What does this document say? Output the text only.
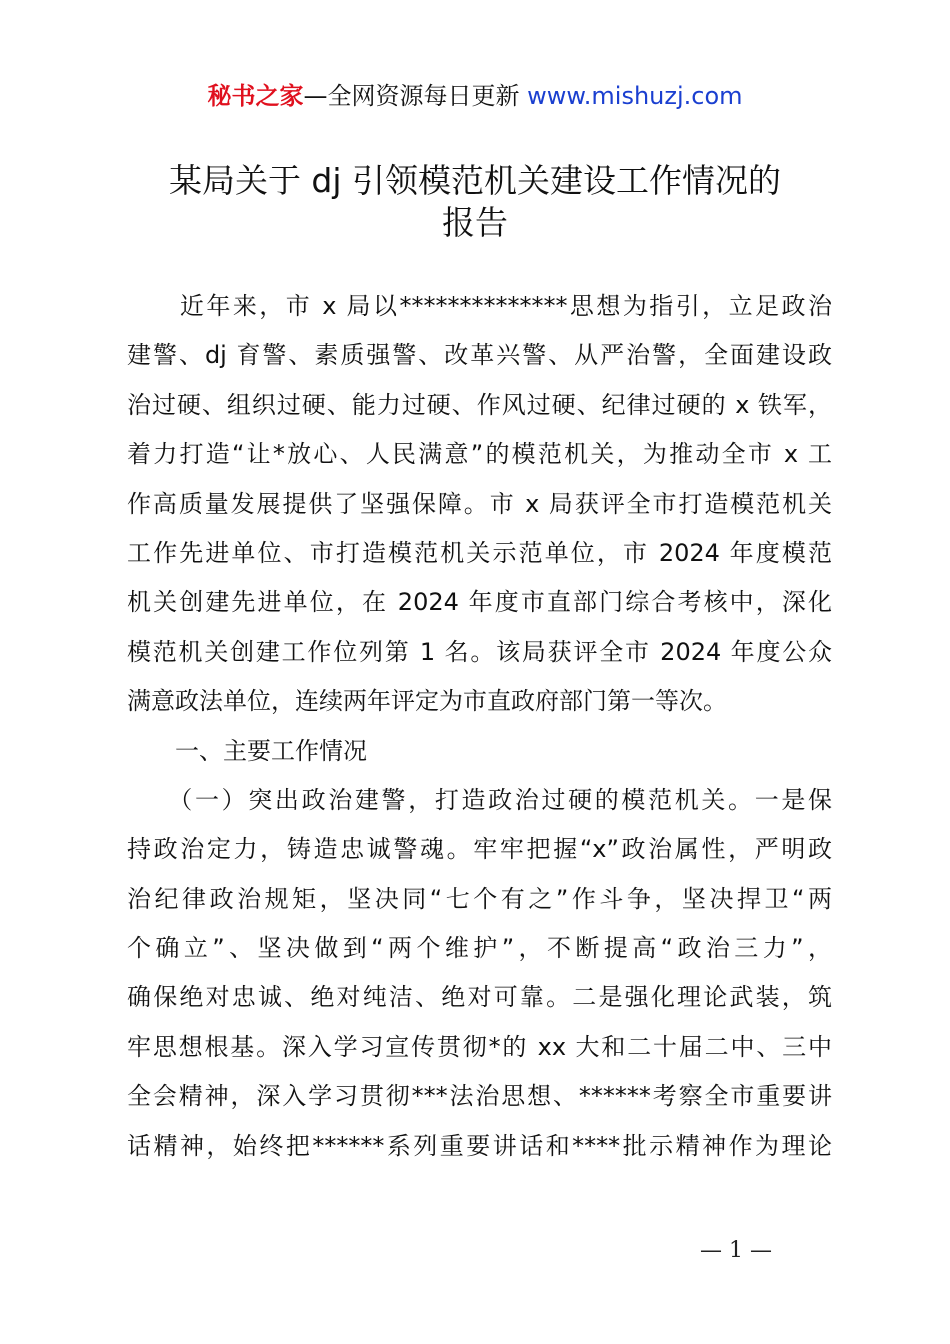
秘书之家—全网资源每日更新 www.mishuzj.com
某局关于 dj 引领模范机关建设工作情况的
报告
　　近年来，市 x 局以**************思想为指引，立足政治
建警、dj 育警、素质强警、改革兴警、从严治警，全面建设政
治过硬、组织过硬、能力过硬、作风过硬、纪律过硬的 x 铁军，
着力打造“让*放心、人民满意”的模范机关，为推动全市 x 工
作高质量发展提供了坚强保障。市 x 局获评全市打造模范机关
工作先进单位、市打造模范机关示范单位，市 2024 年度模范
机关创建先进单位，在 2024 年度市直部门综合考核中，深化
模范机关创建工作位列第 1 名。该局获评全市 2024 年度公众
满意政法单位，连续两年评定为市直政府部门第一等次。
　　一、主要工作情况
　　（一）突出政治建警，打造政治过硬的模范机关。一是保
持政治定力，铸造忠诚警魂。牢牢把握“x”政治属性，严明政
治纪律政治规矩，坚决同“七个有之”作斗争，坚决捍卫“两
个确立”、坚决做到“两个维护”，不断提高“政治三力”，
确保绝对忠诚、绝对纯洁、绝对可靠。二是强化理论武装，筑
牢思想根基。深入学习宣传贯彻*的 xx 大和二十届二中、三中
全会精神，深入学习贯彻***法治思想、******考察全市重要讲
话精神，始终把******系列重要讲话和****批示精神作为理论
— 1 —
